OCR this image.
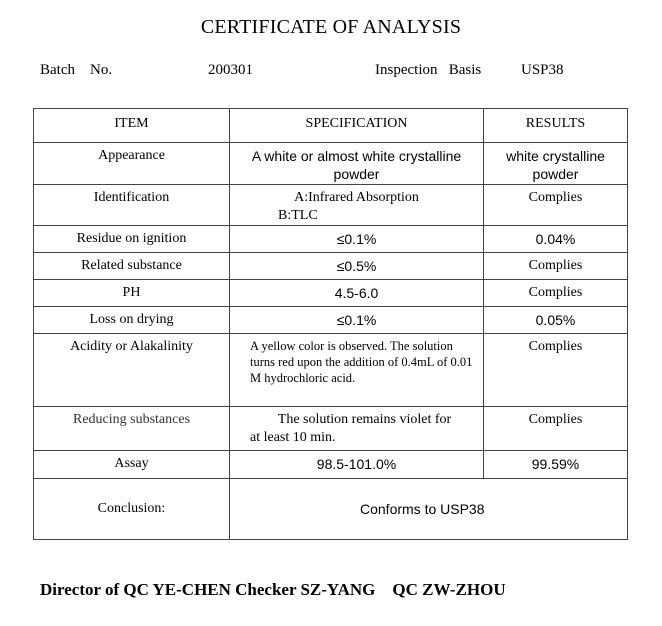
CERTIFICATE OF ANALYSIS
Batch    No.	200301	Inspection   Basis	USP38
ITEM	SPECIFICATION	RESULTS

Appearance	A white or almost white crystalline powder	white crystalline powder

Identification	A:Infrared Absorption
B:TLC	Complies

Residue on ignition	≤0.1%	0.04%

Related substance	≤0.5%	Complies

PH	4.5-6.0	Complies

Loss on drying	≤0.1%	0.05%

Acidity or Alakalinity	A yellow color is observed. The solution turns red upon the addition of 0.4mL of 0.01 M hydrochloric acid.	Complies

Reducing substances	The solution remains violet for
at least 10 min.	Complies

Assay	98.5-101.0%	99.59%

Conclusion:	Conforms to USP38	
Director of QC YE-CHEN Checker SZ-YANG    QC ZW-ZHOU
